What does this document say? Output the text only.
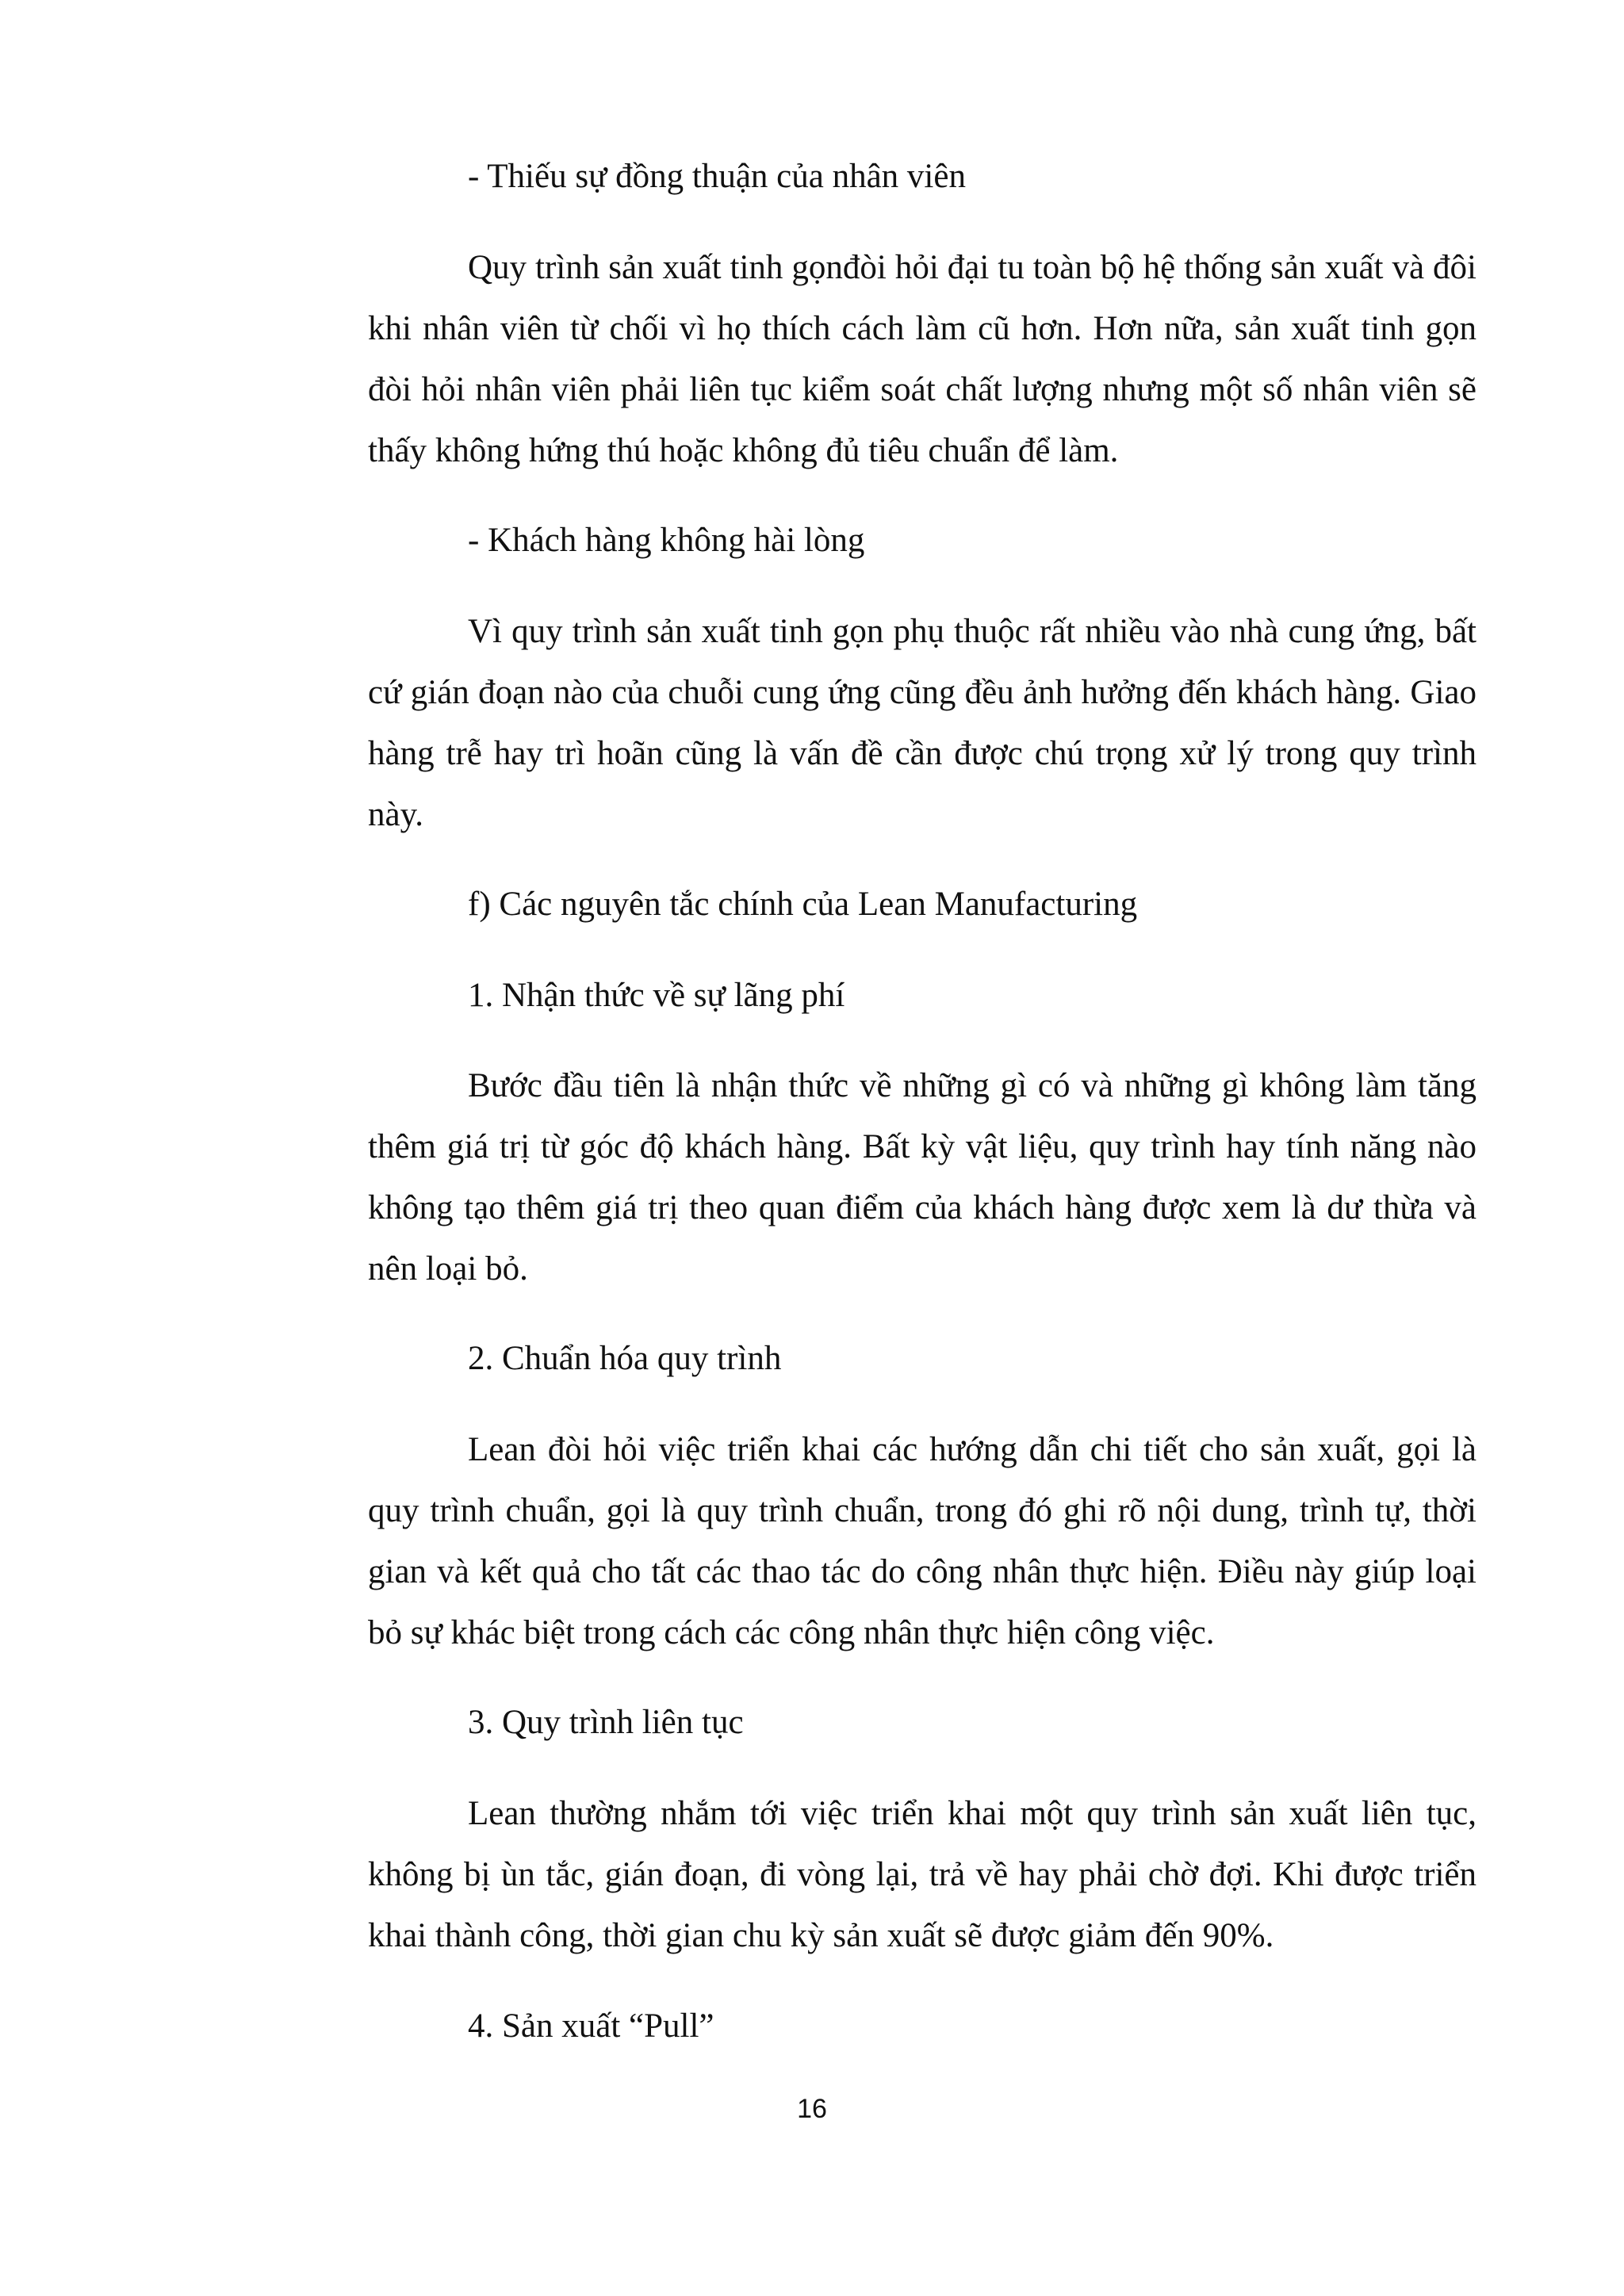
- Thiếu sự đồng thuận của nhân viên

Quy trình sản xuất tinh gọnđòi hỏi đại tu toàn bộ hệ thống sản xuất và đôi khi nhân viên từ chối vì họ thích cách làm cũ hơn. Hơn nữa, sản xuất tinh gọn đòi hỏi nhân viên phải liên tục kiểm soát chất lượng nhưng một số nhân viên sẽ thấy không hứng thú hoặc không đủ tiêu chuẩn để làm.

- Khách hàng không hài lòng

Vì quy trình sản xuất tinh gọn phụ thuộc rất nhiều vào nhà cung ứng, bất cứ gián đoạn nào của chuỗi cung ứng cũng đều ảnh hưởng đến khách hàng. Giao hàng trễ hay trì hoãn cũng là vấn đề cần được chú trọng xử lý trong quy trình này.

f) Các nguyên tắc chính của Lean Manufacturing

1. Nhận thức về sự lãng phí

Bước đầu tiên là nhận thức về những gì có và những gì không làm tăng thêm giá trị từ góc độ khách hàng. Bất kỳ vật liệu, quy trình hay tính năng nào không tạo thêm giá trị theo quan điểm của khách hàng được xem là dư thừa và nên loại bỏ.

2. Chuẩn hóa quy trình

Lean đòi hỏi việc triển khai các hướng dẫn chi tiết cho sản xuất, gọi là quy trình chuẩn, gọi là quy trình chuẩn, trong đó ghi rõ nội dung, trình tự, thời gian và kết quả cho tất các thao tác do công nhân thực hiện. Điều này giúp loại bỏ sự khác biệt trong cách các công nhân thực hiện công việc.

3. Quy trình liên tục

Lean thường nhắm tới việc triển khai một quy trình sản xuất liên tục, không bị ùn tắc, gián đoạn, đi vòng lại, trả về hay phải chờ đợi. Khi được triển khai thành công, thời gian chu kỳ sản xuất sẽ được giảm đến 90%.

4. Sản xuất “Pull”

16
